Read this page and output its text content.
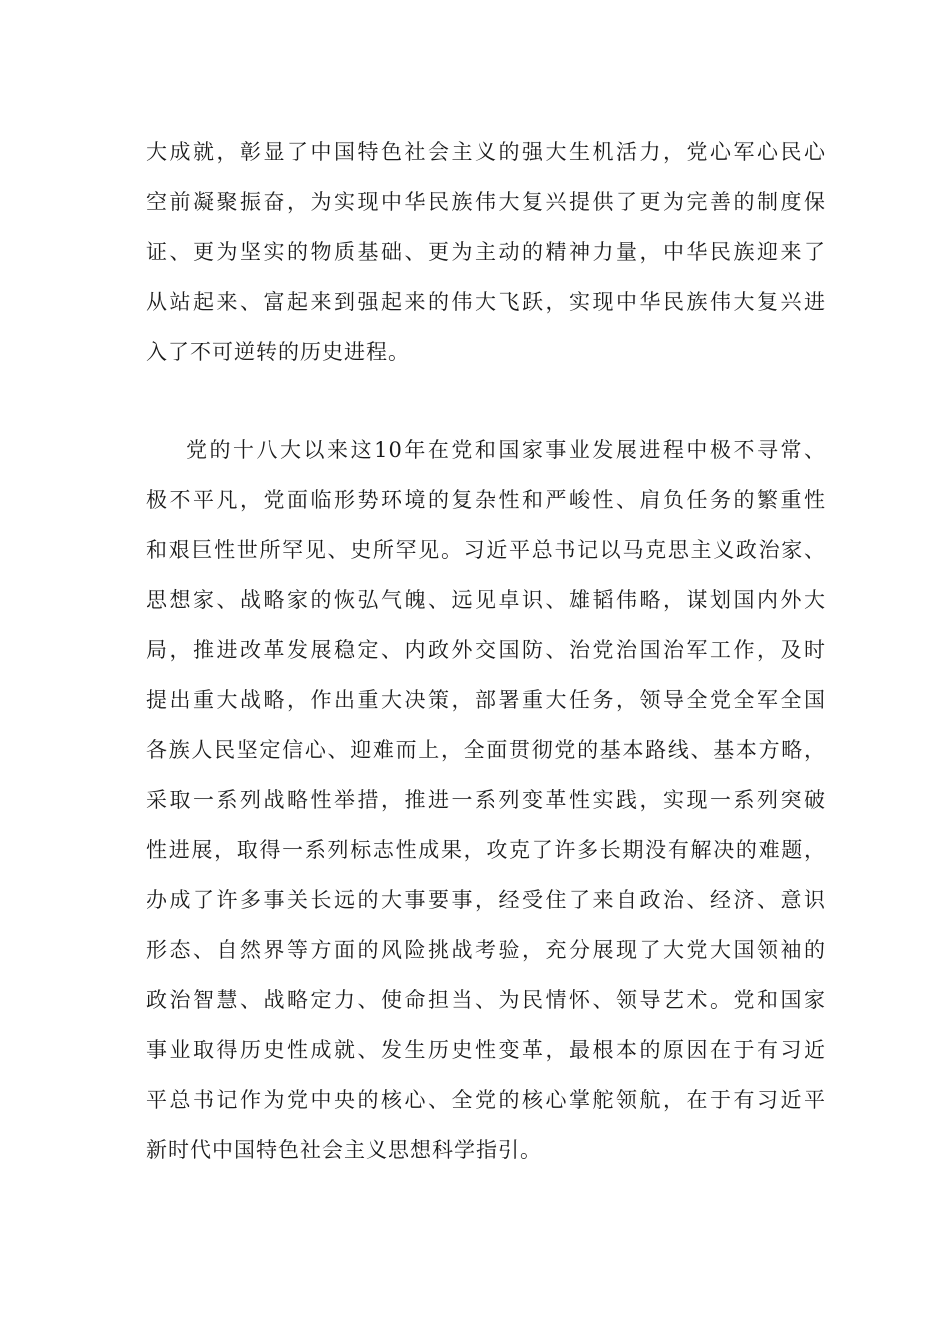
大成就，彰显了中国特色社会主义的强大生机活力，党心军心民心
空前凝聚振奋，为实现中华民族伟大复兴提供了更为完善的制度保
证、更为坚实的物质基础、更为主动的精神力量，中华民族迎来了
从站起来、富起来到强起来的伟大飞跃，实现中华民族伟大复兴进
入了不可逆转的历史进程。
党的十八大以来这10年在党和国家事业发展进程中极不寻常、
极不平凡，党面临形势环境的复杂性和严峻性、肩负任务的繁重性
和艰巨性世所罕见、史所罕见。习近平总书记以马克思主义政治家、
思想家、战略家的恢弘气魄、远见卓识、雄韬伟略，谋划国内外大
局，推进改革发展稳定、内政外交国防、治党治国治军工作，及时
提出重大战略，作出重大决策，部署重大任务，领导全党全军全国
各族人民坚定信心、迎难而上，全面贯彻党的基本路线、基本方略，
采取一系列战略性举措，推进一系列变革性实践，实现一系列突破
性进展，取得一系列标志性成果，攻克了许多长期没有解决的难题，
办成了许多事关长远的大事要事，经受住了来自政治、经济、意识
形态、自然界等方面的风险挑战考验，充分展现了大党大国领袖的
政治智慧、战略定力、使命担当、为民情怀、领导艺术。党和国家
事业取得历史性成就、发生历史性变革，最根本的原因在于有习近
平总书记作为党中央的核心、全党的核心掌舵领航，在于有习近平
新时代中国特色社会主义思想科学指引。
